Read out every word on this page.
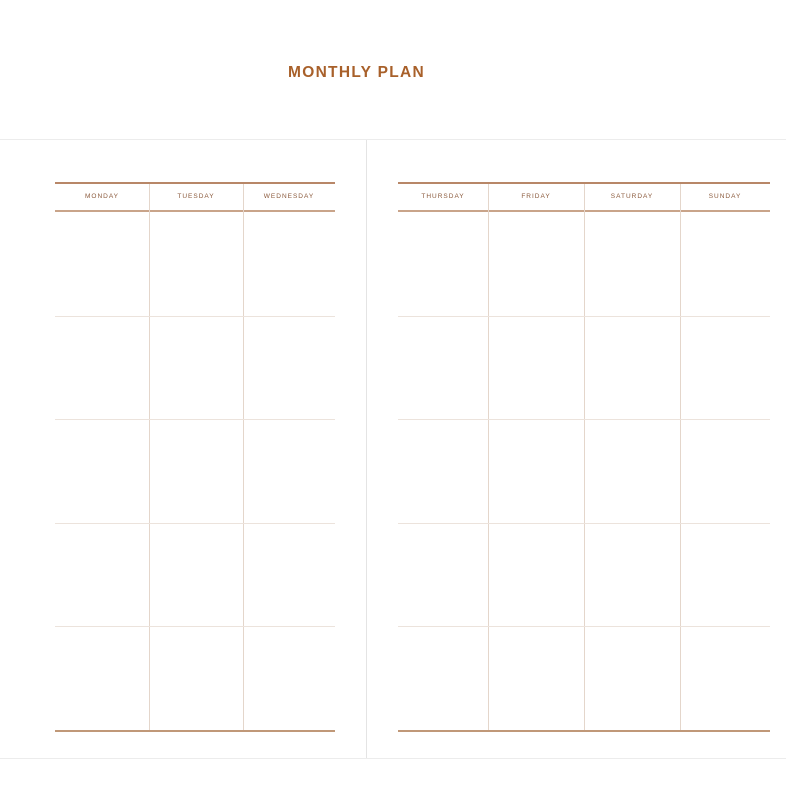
MONTHLY PLAN
MONDAY	TUESDAY	WEDNESDAY	THURSDAY	FRIDAY	SATURDAY	SUNDAY
